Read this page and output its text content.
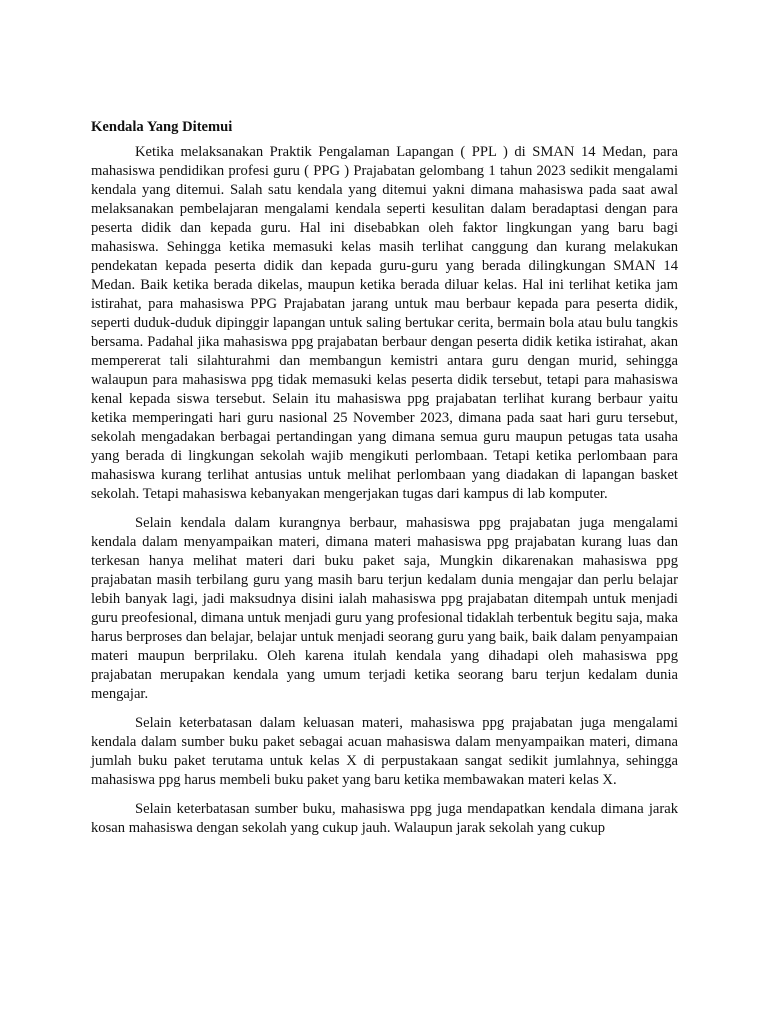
Kendala Yang Ditemui

Ketika melaksanakan Praktik Pengalaman Lapangan ( PPL ) di SMAN 14 Medan, para mahasiswa pendidikan profesi guru ( PPG ) Prajabatan gelombang 1 tahun 2023 sedikit mengalami kendala yang ditemui. Salah satu kendala yang ditemui yakni dimana mahasiswa pada saat awal melaksanakan pembelajaran mengalami kendala seperti kesulitan dalam beradaptasi dengan para peserta didik dan kepada guru. Hal ini disebabkan oleh faktor lingkungan yang baru bagi mahasiswa. Sehingga ketika memasuki kelas masih terlihat canggung dan kurang melakukan pendekatan kepada peserta didik dan kepada guru-guru yang berada dilingkungan SMAN 14 Medan. Baik ketika berada dikelas, maupun ketika berada diluar kelas. Hal ini terlihat ketika jam istirahat, para mahasiswa PPG Prajabatan jarang untuk mau berbaur kepada para peserta didik, seperti duduk-duduk dipinggir lapangan untuk saling bertukar cerita, bermain bola atau bulu tangkis bersama. Padahal jika mahasiswa ppg prajabatan berbaur dengan peserta didik ketika istirahat, akan mempererat tali silahturahmi dan membangun kemistri antara guru dengan murid, sehingga walaupun para mahasiswa ppg tidak memasuki kelas peserta didik tersebut, tetapi para mahasiswa kenal kepada siswa tersebut. Selain itu mahasiswa ppg prajabatan terlihat kurang berbaur yaitu ketika memperingati hari guru nasional 25 November 2023, dimana pada saat hari guru tersebut, sekolah mengadakan berbagai pertandingan yang dimana semua guru maupun petugas tata usaha yang berada di lingkungan sekolah wajib mengikuti perlombaan. Tetapi ketika perlombaan para mahasiswa kurang terlihat antusias untuk melihat perlombaan yang diadakan di lapangan basket sekolah. Tetapi mahasiswa kebanyakan mengerjakan tugas dari kampus di lab komputer.

Selain kendala dalam kurangnya berbaur, mahasiswa ppg prajabatan juga mengalami kendala dalam menyampaikan materi, dimana materi mahasiswa ppg prajabatan kurang luas dan terkesan hanya melihat materi dari buku paket saja, Mungkin dikarenakan mahasiswa ppg prajabatan masih terbilang guru yang masih baru terjun kedalam dunia mengajar dan perlu belajar lebih banyak lagi, jadi maksudnya disini ialah mahasiswa ppg prajabatan ditempah untuk menjadi guru preofesional, dimana untuk menjadi guru yang profesional tidaklah terbentuk begitu saja, maka harus berproses dan belajar, belajar untuk menjadi seorang guru yang baik, baik dalam penyampaian materi maupun berprilaku. Oleh karena itulah kendala yang dihadapi oleh mahasiswa ppg prajabatan merupakan kendala yang umum terjadi ketika seorang baru terjun kedalam dunia mengajar.

Selain keterbatasan dalam keluasan materi, mahasiswa ppg prajabatan juga mengalami kendala dalam sumber buku paket sebagai acuan mahasiswa dalam menyampaikan materi, dimana jumlah buku paket terutama untuk kelas X di perpustakaan sangat sedikit jumlahnya, sehingga mahasiswa ppg harus membeli buku paket yang baru ketika membawakan materi kelas X.

Selain keterbatasan sumber buku, mahasiswa ppg juga mendapatkan kendala dimana jarak kosan mahasiswa dengan sekolah yang cukup jauh. Walaupun jarak sekolah yang cukup
